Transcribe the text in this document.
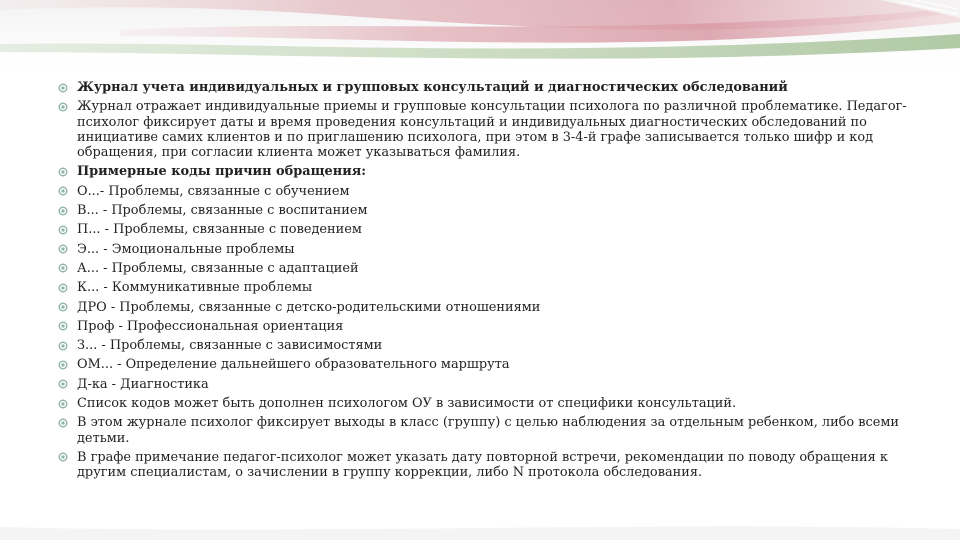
Журнал учета индивидуальных и групповых консультаций и диагностических обследований
Журнал отражает индивидуальные приемы и групповые консультации психолога по различной проблематике. Педагог-психолог фиксирует даты и время проведения консультаций и индивидуальных диагностических обследований по инициативе самих клиентов и по приглашению психолога, при этом в 3-4-й графе записывается только шифр и код обращения, при согласии клиента может указываться фамилия.
Примерные коды причин обращения:
О...- Проблемы, связанные с обучением
В... - Проблемы, связанные с воспитанием
П... - Проблемы, связанные с поведением
Э... - Эмоциональные проблемы
А... - Проблемы, связанные с адаптацией
К... - Коммуникативные проблемы
ДРО - Проблемы, связанные с детско-родительскими отношениями
Проф - Профессиональная ориентация
З... - Проблемы, связанные с зависимостями
ОМ... - Определение дальнейшего образовательного маршрута
Д-ка - Диагностика
Список кодов может быть дополнен психологом ОУ в зависимости от специфики консультаций.
В этом журнале психолог фиксирует выходы в класс (группу) с целью наблюдения за отдельным ребенком, либо всеми детьми.
В графе примечание педагог-психолог может указать дату повторной встречи, рекомендации по поводу обращения к другим специалистам, о зачислении в группу коррекции, либо N протокола обследования.
